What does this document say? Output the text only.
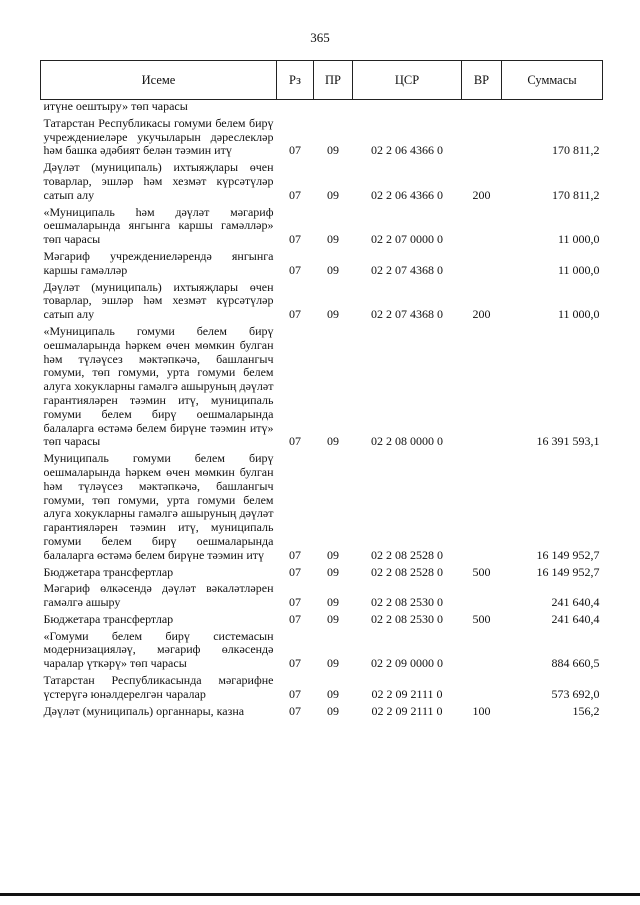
365
Исеме	Рз	ПР	ЦСР	ВР	Суммасы
итүне оештыру» төп чарасы					
Татарстан Республикасы гомуми белем бирү учреждениеләре укучыларын дәреслекләр һәм башка әдәбият белән тәэмин итү	07	09	02 2 06 4366 0		170 811,2
Дәүләт (муниципаль) ихтыяҗлары өчен товарлар, эшләр һәм хезмәт күрсәтүләр сатып алу	07	09	02 2 06 4366 0	200	170 811,2
«Муниципаль һәм дәүләт мәгариф оешмаларында янгынга каршы гамәлләр» төп чарасы	07	09	02 2 07 0000 0		11 000,0
Мәгариф учреждениеләрендә янгынга каршы гамәлләр	07	09	02 2 07 4368 0		11 000,0
Дәүләт (муниципаль) ихтыяҗлары өчен товарлар, эшләр һәм хезмәт күрсәтүләр сатып алу	07	09	02 2 07 4368 0	200	11 000,0
«Муниципаль гомуми белем бирү оешмаларында һәркем өчен мөмкин булган һәм түләүсез мәктәпкәчә, башлангыч гомуми, төп гомуми, урта гомуми белем алуга хокукларны гамәлгә ашыруның дәүләт гарантияләрен тәэмин итү, муниципаль гомуми белем бирү оешмаларында балаларга өстәмә белем бирүне тәэмин итү» төп чарасы	07	09	02 2 08 0000 0		16 391 593,1
Муниципаль гомуми белем бирү оешмаларында һәркем өчен мөмкин булган һәм түләүсез мәктәпкәчә, башлангыч гомуми, төп гомуми, урта гомуми белем алуга хокукларны гамәлгә ашыруның дәүләт гарантияләрен тәэмин итү, муниципаль гомуми белем бирү оешмаларында балаларга өстәмә белем бирүне тәэмин итү	07	09	02 2 08 2528 0		16 149 952,7
Бюджетара трансфертлар	07	09	02 2 08 2528 0	500	16 149 952,7
Мәгариф өлкәсендә дәүләт вәкаләтләрен гамәлгә ашыру	07	09	02 2 08 2530 0		241 640,4
Бюджетара трансфертлар	07	09	02 2 08 2530 0	500	241 640,4
«Гомуми белем бирү системасын модернизацияләү, мәгариф өлкәсендә чаралар үткәрү» төп чарасы	07	09	02 2 09 0000 0		884 660,5
Татарстан Республикасында мәгарифне үстерүгә юнәлдерелгән чаралар	07	09	02 2 09 2111 0		573 692,0
Дәүләт (муниципаль) органнары, казна	07	09	02 2 09 2111 0	100	156,2
